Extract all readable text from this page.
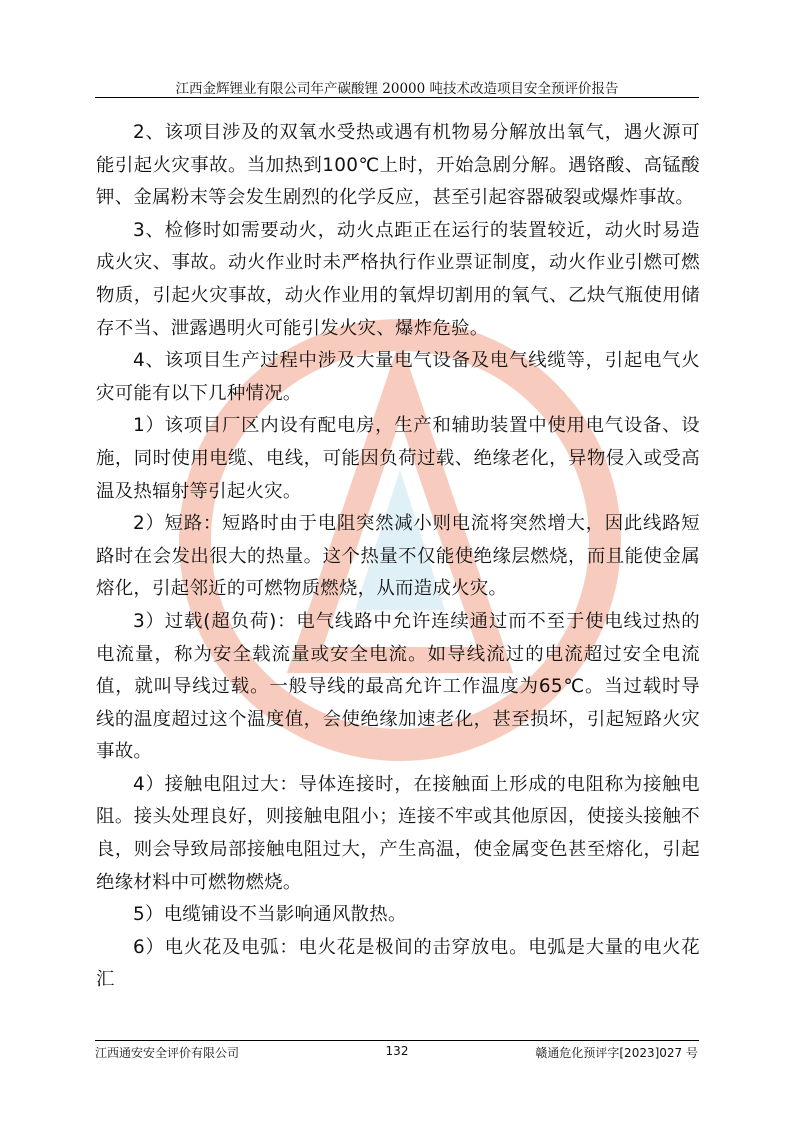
江西金辉锂业有限公司年产碳酸锂 20000 吨技术改造项目安全预评价报告

2、该项目涉及的双氧水受热或遇有机物易分解放出氧气，遇火源可能引起火灾事故。当加热到100℃上时，开始急剧分解。遇铬酸、高锰酸钾、金属粉末等会发生剧烈的化学反应，甚至引起容器破裂或爆炸事故。

3、检修时如需要动火，动火点距正在运行的装置较近，动火时易造成火灾、事故。动火作业时未严格执行作业票证制度，动火作业引燃可燃物质，引起火灾事故，动火作业用的氧焊切割用的氧气、乙炔气瓶使用储存不当、泄露遇明火可能引发火灾、爆炸危验。

4、该项目生产过程中涉及大量电气设备及电气线缆等，引起电气火灾可能有以下几种情况。

1）该项目厂区内设有配电房，生产和辅助装置中使用电气设备、设施，同时使用电缆、电线，可能因负荷过载、绝缘老化，异物侵入或受高温及热辐射等引起火灾。

2）短路：短路时由于电阻突然减小则电流将突然增大，因此线路短路时在会发出很大的热量。这个热量不仅能使绝缘层燃烧，而且能使金属熔化，引起邻近的可燃物质燃烧，从而造成火灾。

3）过载(超负荷)：电气线路中允许连续通过而不至于使电线过热的电流量，称为安全载流量或安全电流。如导线流过的电流超过安全电流值，就叫导线过载。一般导线的最高允许工作温度为65℃。当过载时导线的温度超过这个温度值，会使绝缘加速老化，甚至损坏，引起短路火灾事故。

4）接触电阻过大：导体连接时，在接触面上形成的电阻称为接触电阻。接头处理良好，则接触电阻小；连接不牢或其他原因，使接头接触不良，则会导致局部接触电阻过大，产生高温，使金属变色甚至熔化，引起绝缘材料中可燃物燃烧。

5）电缆铺设不当影响通风散热。

6）电火花及电弧：电火花是极间的击穿放电。电弧是大量的电火花汇

江西通安安全评价有限公司	132	赣通危化预评字[2023]027 号
